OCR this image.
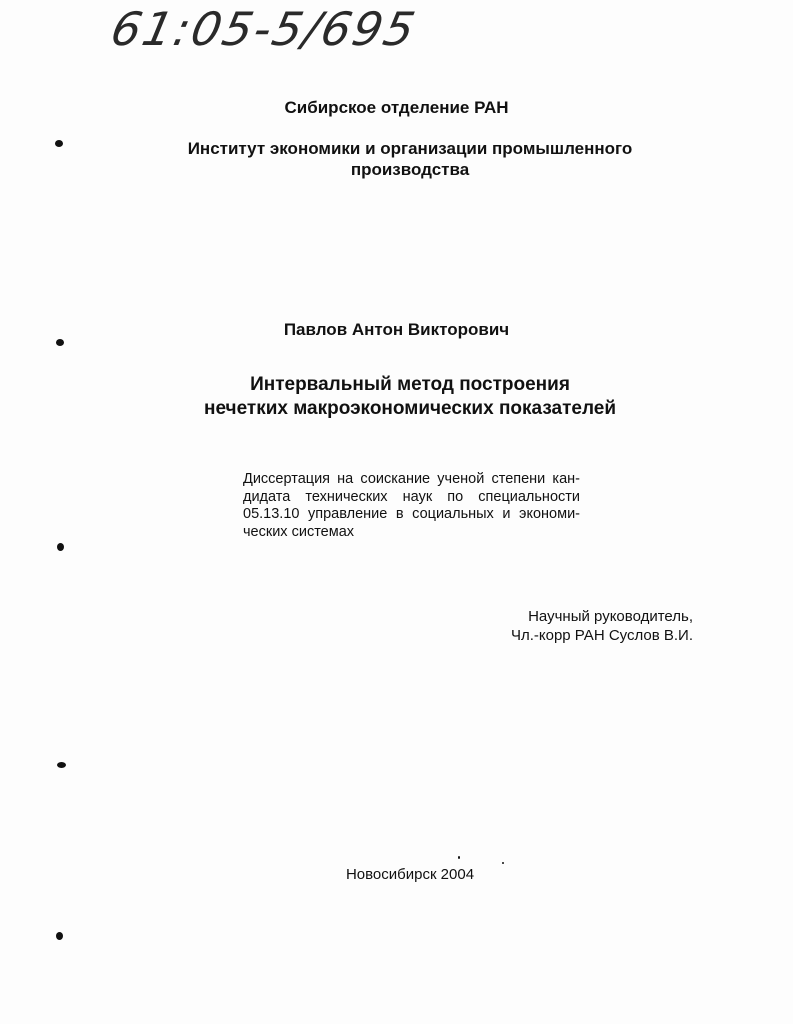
61:05-5/695
Сибирское отделение РАН
Институт экономики и организации промышленного
производства
Павлов Антон Викторович
Интервальный метод построения
нечетких макроэкономических показателей
Диссертация на соискание ученой степени кан-
дидата технических наук по специальности
05.13.10 управление в социальных и экономи-
ческих системах
Научный руководитель,
Чл.-корр РАН Суслов В.И.
Новосибирск 2004
